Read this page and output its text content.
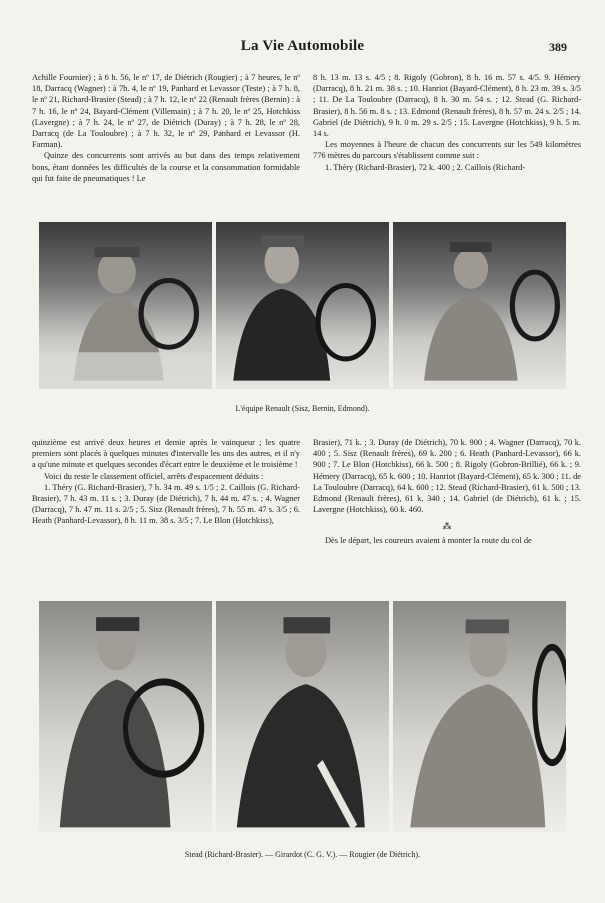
La Vie Automobile	389

Achille Fournier) ; à 6 h. 56, le nº 17, de Diétrich (Rougier) ; à 7 heures, le nº 18, Darracq (Wagner) : à 7h. 4, le nº 19, Panhard et Levassor (Teste) ; à 7 h. 8, le nº 21, Richard-Brasier (Stead) ; à 7 h. 12, le nº 22 (Renault frères (Bernin) : à 7 h. 16, le nº 24, Bayard-Clément (Villemain) ; à 7 h. 20, le nº 25, Hotchkiss (Lavergne) ; à 7 h. 24, le nº 27, de Diétrich (Duray) ; à 7 h. 28, le nº 28, Darracq (de La Touloubre) ; à 7 h. 32, le nº 29, Panhard et Levassor (H. Farman).

Quinze des concurrents sont arrivés au but dans des temps relativement bons, étant données les difficultés de la course et la consommation formidable qui fut faite de pneumatiques ! Le

8 h. 13 m. 13 s. 4/5 ; 8. Rigoly (Gobron), 8 h. 16 m. 57 s. 4/5. 9. Hémery (Darracq), 8 h. 21 m. 38 s. ; 10. Hanriot (Bayard-Clément), 8 h. 23 m. 39 s. 3/5 ; 11. De La Touloubre (Darracq), 8 h. 30 m. 54 s. ; 12. Stead (G. Richard-Brasier), 8 h. 56 m. 8 s. ; 13. Edmond (Renault frères), 8 h. 57 m. 24 s. 2/5 ; 14. Gabriel (de Diétrich), 9 h. 0 m. 29 s. 2/5 ; 15. Lavergne (Hotchkiss), 9 h. 5 m. 14 s.

Les moyennes à l'heure de chacun des concurrents sur les 549 kilomètres 776 mètres du parcours s'établissent comme suit :

1. Théry (Richard-Brasier), 72 k. 400 ; 2. Caillois (Richard-

L'équipe Renault (Sisz, Bernin, Edmond).

quinzième est arrivé deux heures et demie après le vainqueur ; les quatre premiers sont placés à quelques minutes d'intervalle les uns des autres, et il n'y a qu'une minute et quelques secondes d'écart entre le deuxième et le troisième !

Voici du reste le classement officiel, arrêts d'espacement déduits :

1. Théry (G. Richard-Brasier), 7 h. 34 m. 49 s. 1/5 ; 2. Caillois (G. Richard-Brasier), 7 h. 43 m. 11 s. ; 3. Duray (de Diétrich), 7 h. 44 m. 47 s. ; 4. Wagner (Darracq), 7 h. 47 m. 11 s. 2/5 ; 5. Sisz (Renault frères), 7 h. 55 m. 47 s. 3/5 ; 6. Heath (Panhard-Levassor), 8 h. 11 m. 38 s. 3/5 ; 7. Le Blon (Hotchkiss),

Brasier), 71 k. ; 3. Duray (de Diétrich), 70 k. 900 ; 4. Wagner (Darracq), 70 k. 400 ; 5. Sisz (Renault frères), 69 k. 200 ; 6. Heath (Panhard-Levassor), 66 k. 900 ; 7. Le Blon (Hotchkiss), 66 k. 500 ; 8. Rigoly (Gobron-Brillié), 66 k. ; 9. Hémery (Darracq), 65 k. 600 ; 10. Hanriot (Bayard-Clément), 65 k. 300 ; 11. de La Touloubre (Darracq), 64 k. 600 ; 12. Stead (Richard-Brasier), 61 k. 500 ; 13. Edmond (Renault frères), 61 k. 340 ; 14. Gabriel (de Diétrich), 61 k. ; 15. Lavergne (Hotchkiss), 60 k. 460.

⁂

Dès le départ, les coureurs avaient à monter la route du col de

Stead (Richard-Brasier). — Girardot (C. G. V.). — Rougier (de Diétrich).
